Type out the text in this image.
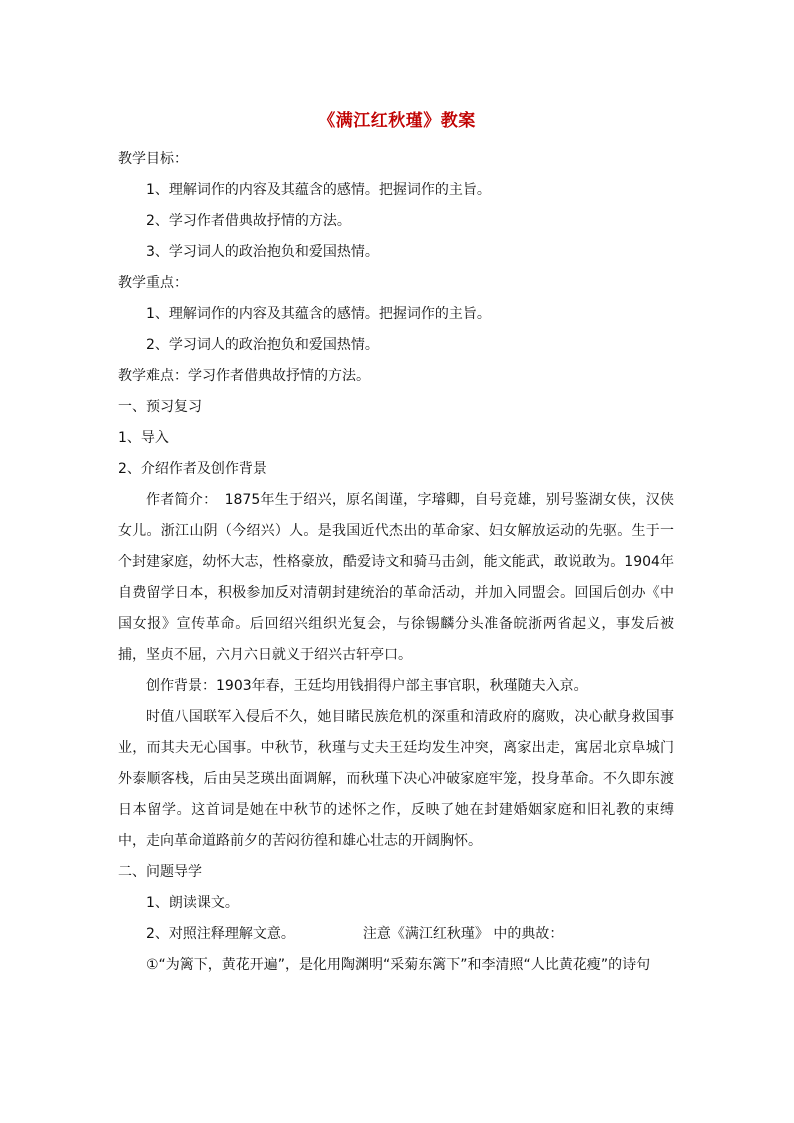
《满江红秋瑾》教案

教学目标：

1、理解词作的内容及其蕴含的感情。把握词作的主旨。

2、学习作者借典故抒情的方法。

3、学习词人的政治抱负和爱国热情。

教学重点：

1、理解词作的内容及其蕴含的感情。把握词作的主旨。

2、学习词人的政治抱负和爱国热情。

教学难点：学习作者借典故抒情的方法。

一、预习复习

1、导入

2、介绍作者及创作背景

作者简介：　1875年生于绍兴，原名闺谨，字璿卿，自号竞雄，别号鉴湖女侠，汉侠女儿。浙江山阴（今绍兴）人。是我国近代杰出的革命家、妇女解放运动的先驱。生于一个封建家庭，幼怀大志，性格豪放，酷爱诗文和骑马击剑，能文能武，敢说敢为。1904年自费留学日本，积极参加反对清朝封建统治的革命活动，并加入同盟会。回国后创办《中国女报》宣传革命。后回绍兴组织光复会，与徐锡麟分头准备皖浙两省起义，事发后被捕，坚贞不屈，六月六日就义于绍兴古轩亭口。

创作背景：1903年春，王廷均用钱捐得户部主事官职，秋瑾随夫入京。

时值八国联军入侵后不久，她目睹民族危机的深重和清政府的腐败，决心献身救国事业，而其夫无心国事。中秋节，秋瑾与丈夫王廷均发生冲突，离家出走，寓居北京阜城门外泰顺客栈，后由吴芝瑛出面调解，而秋瑾下决心冲破家庭牢笼，投身革命。不久即东渡日本留学。这首词是她在中秋节的述怀之作，反映了她在封建婚姻家庭和旧礼教的束缚中，走向革命道路前夕的苦闷彷徨和雄心壮志的开阔胸怀。

二、问题导学

1、朗读课文。

2、对照注释理解文意。	注意《满江红秋瑾》 中的典故：

①“为篱下，黄花开遍”，是化用陶渊明“采菊东篱下”和李清照“人比黄花瘦”的诗句
